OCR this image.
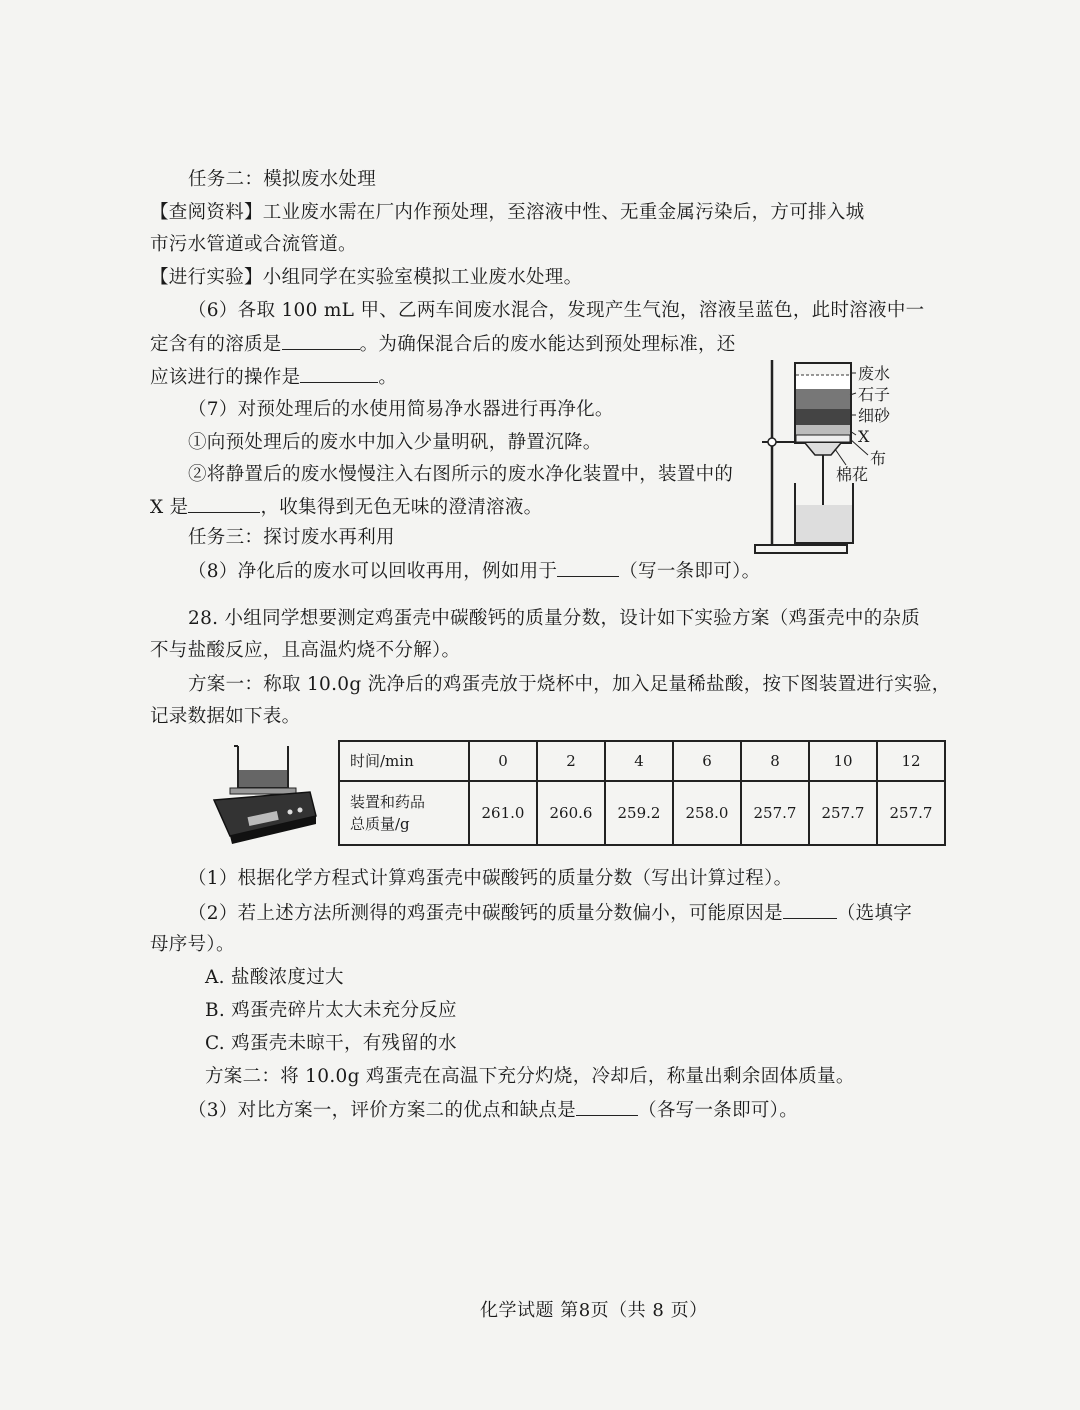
任务二：模拟废水处理
【查阅资料】工业废水需在厂内作预处理，至溶液中性、无重金属污染后，方可排入城
市污水管道或合流管道。
【进行实验】小组同学在实验室模拟工业废水处理。
（6）各取 100 mL 甲、乙两车间废水混合，发现产生气泡，溶液呈蓝色，此时溶液中一
定含有的溶质是	。为确保混合后的废水能达到预处理标准，还
应该进行的操作是	。
（7）对预处理后的水使用简易净水器进行再净化。
①向预处理后的废水中加入少量明矾，静置沉降。
②将静置后的废水慢慢注入右图所示的废水净化装置中，装置中的
X 是	，收集得到无色无味的澄清溶液。
废水
石子
细砂
X
布
棉花
任务三：探讨废水再利用
（8）净化后的废水可以回收再用，例如用于	（写一条即可）。
28. 小组同学想要测定鸡蛋壳中碳酸钙的质量分数，设计如下实验方案（鸡蛋壳中的杂质
不与盐酸反应，且高温灼烧不分解）。
方案一：称取 10.0g 洗净后的鸡蛋壳放于烧杯中，加入足量稀盐酸，按下图装置进行实验，
记录数据如下表。
时间/min	0	2	4	6	8	10	12

装置和药品
总质量/g	261.0	260.6	259.2	258.0	257.7	257.7	257.7
（1）根据化学方程式计算鸡蛋壳中碳酸钙的质量分数（写出计算过程）。
（2）若上述方法所测得的鸡蛋壳中碳酸钙的质量分数偏小，可能原因是	（选填字
母序号）。
A. 盐酸浓度过大
B. 鸡蛋壳碎片太大未充分反应
C. 鸡蛋壳未晾干，有残留的水
方案二：将 10.0g 鸡蛋壳在高温下充分灼烧，冷却后，称量出剩余固体质量。
（3）对比方案一，评价方案二的优点和缺点是	（各写一条即可）。
化学试题 第8页（共 8 页）
